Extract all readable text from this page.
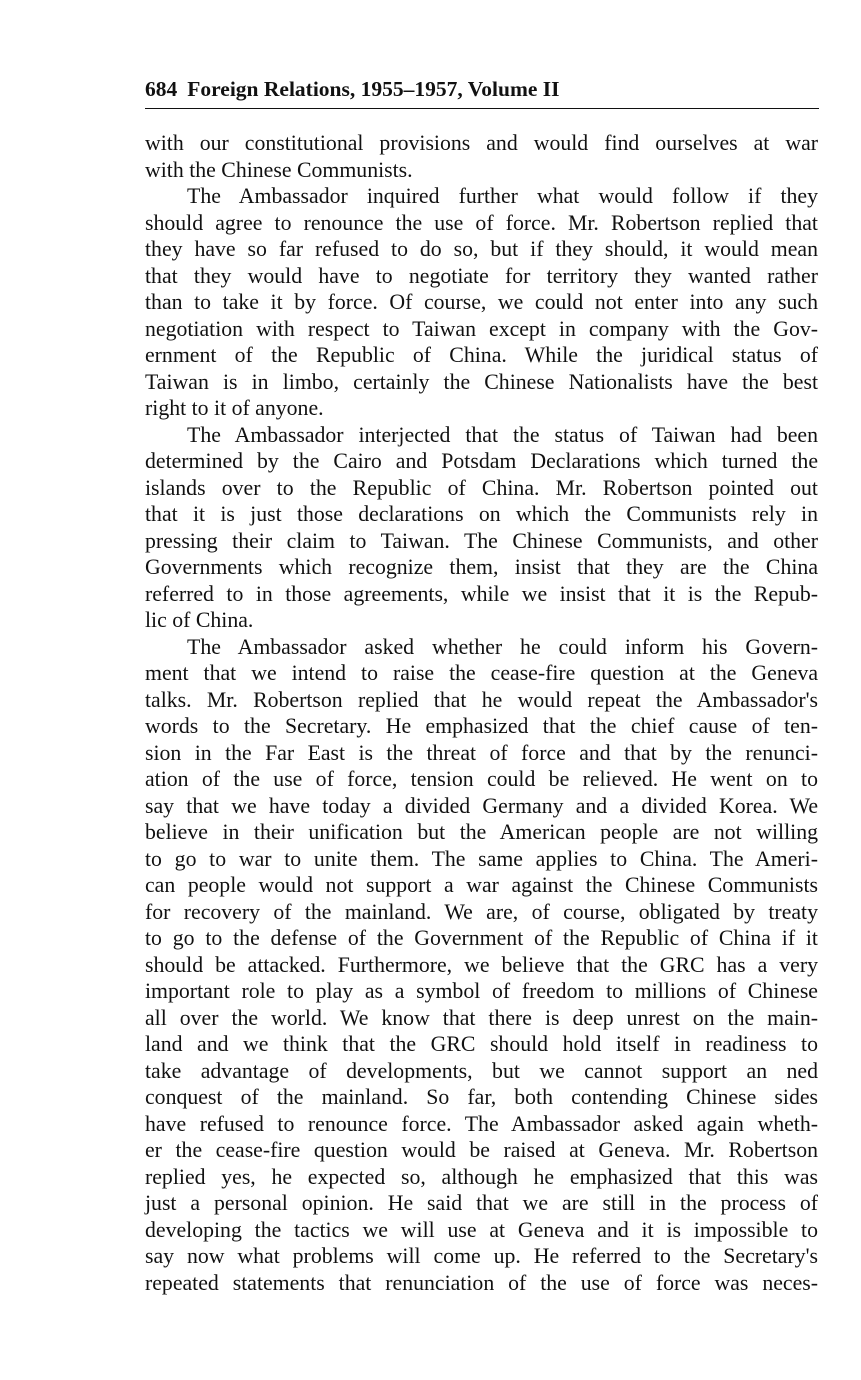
684 Foreign Relations, 1955–1957, Volume II
with our constitutional provisions and would find ourselves at war
with the Chinese Communists.
The Ambassador inquired further what would follow if they
should agree to renounce the use of force. Mr. Robertson replied that
they have so far refused to do so, but if they should, it would mean
that they would have to negotiate for territory they wanted rather
than to take it by force. Of course, we could not enter into any such
negotiation with respect to Taiwan except in company with the Gov-
ernment of the Republic of China. While the juridical status of
Taiwan is in limbo, certainly the Chinese Nationalists have the best
right to it of anyone.
The Ambassador interjected that the status of Taiwan had been
determined by the Cairo and Potsdam Declarations which turned the
islands over to the Republic of China. Mr. Robertson pointed out
that it is just those declarations on which the Communists rely in
pressing their claim to Taiwan. The Chinese Communists, and other
Governments which recognize them, insist that they are the China
referred to in those agreements, while we insist that it is the Repub-
lic of China.
The Ambassador asked whether he could inform his Govern-
ment that we intend to raise the cease-fire question at the Geneva
talks. Mr. Robertson replied that he would repeat the Ambassador's
words to the Secretary. He emphasized that the chief cause of ten-
sion in the Far East is the threat of force and that by the renunci-
ation of the use of force, tension could be relieved. He went on to
say that we have today a divided Germany and a divided Korea. We
believe in their unification but the American people are not willing
to go to war to unite them. The same applies to China. The Ameri-
can people would not support a war against the Chinese Communists
for recovery of the mainland. We are, of course, obligated by treaty
to go to the defense of the Government of the Republic of China if it
should be attacked. Furthermore, we believe that the GRC has a very
important role to play as a symbol of freedom to millions of Chinese
all over the world. We know that there is deep unrest on the main-
land and we think that the GRC should hold itself in readiness to
take advantage of developments, but we cannot support an ned
conquest of the mainland. So far, both contending Chinese sides
have refused to renounce force. The Ambassador asked again wheth-
er the cease-fire question would be raised at Geneva. Mr. Robertson
replied yes, he expected so, although he emphasized that this was
just a personal opinion. He said that we are still in the process of
developing the tactics we will use at Geneva and it is impossible to
say now what problems will come up. He referred to the Secretary's
repeated statements that renunciation of the use of force was neces-
